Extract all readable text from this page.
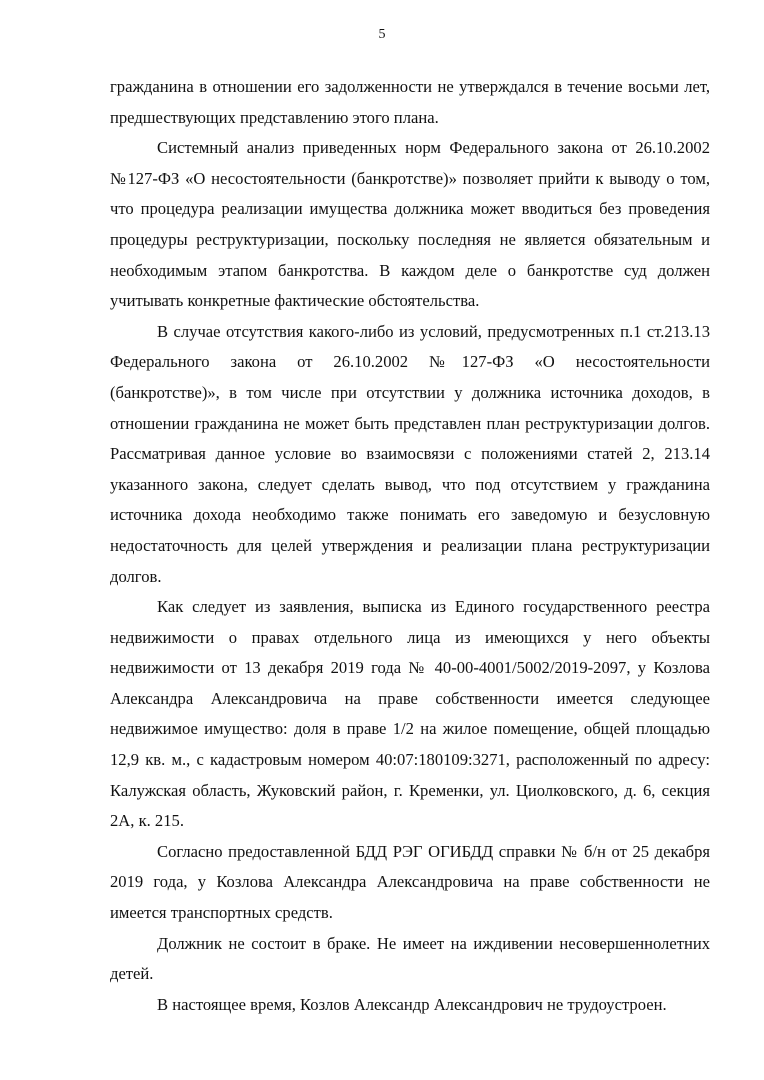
5
гражданина в отношении его задолженности не утверждался в течение восьми лет,
предшествующих представлению этого плана.
Системный анализ приведенных норм Федерального закона от 26.10.2002
№127-ФЗ «О несостоятельности (банкротстве)» позволяет прийти к выводу о том,
что процедура реализации имущества должника может вводиться без проведения
процедуры реструктуризации, поскольку последняя не является обязательным и
необходимым этапом банкротства. В каждом деле о банкротстве суд должен
учитывать конкретные фактические обстоятельства.
В случае отсутствия какого-либо из условий, предусмотренных п.1 ст.213.13
Федерального закона от 26.10.2002 №127-ФЗ «О несостоятельности
(банкротстве)», в том числе при отсутствии у должника источника доходов, в
отношении гражданина не может быть представлен план реструктуризации долгов.
Рассматривая данное условие во взаимосвязи с положениями статей 2, 213.14
указанного закона, следует сделать вывод, что под отсутствием у гражданина
источника дохода необходимо также понимать его заведомую и безусловную
недостаточность для целей утверждения и реализации плана реструктуризации
долгов.
Как следует из заявления, выписка из Единого государственного реестра
недвижимости о правах отдельного лица из имеющихся у него объекты
недвижимости от 13 декабря 2019 года № 40-00-4001/5002/2019-2097, у Козлова
Александра Александровича на праве собственности имеется следующее
недвижимое имущество: доля в праве 1/2 на жилое помещение, общей площадью
12,9 кв. м., с кадастровым номером 40:07:180109:3271, расположенный по адресу:
Калужская область, Жуковский район, г. Кременки, ул. Циолковского, д. 6, секция
2А, к. 215.
Согласно предоставленной БДД РЭГ ОГИБДД справки № б/н от 25 декабря
2019 года, у Козлова Александра Александровича на праве собственности не
имеется транспортных средств.
Должник не состоит в браке. Не имеет на иждивении несовершеннолетних
детей.
В настоящее время, Козлов Александр Александрович не трудоустроен.
